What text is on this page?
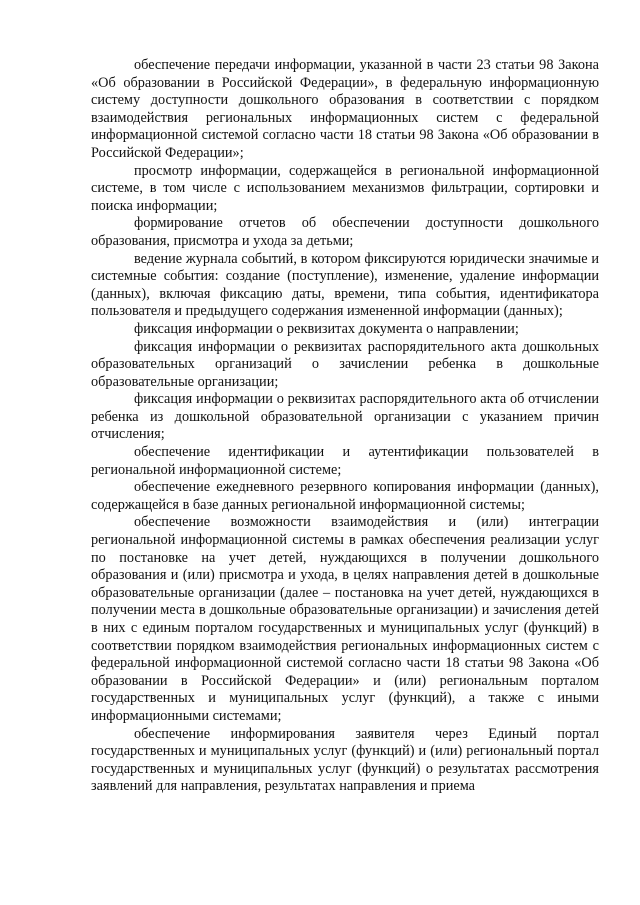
обеспечение передачи информации, указанной в части 23 статьи 98 Закона «Об образовании в Российской Федерации», в федеральную информационную систему доступности дошкольного образования в соответствии с порядком взаимодействия региональных информационных систем с федеральной информационной системой согласно части 18 статьи 98 Закона «Об образовании в Российской Федерации»;

просмотр информации, содержащейся в региональной информационной системе, в том числе с использованием механизмов фильтрации, сортировки и поиска информации;

формирование отчетов об обеспечении доступности дошкольного образования, присмотра и ухода за детьми;

ведение журнала событий, в котором фиксируются юридически значимые и системные события: создание (поступление), изменение, удаление информации (данных), включая фиксацию даты, времени, типа события, идентификатора пользователя и предыдущего содержания измененной информации (данных);

фиксация информации о реквизитах документа о направлении;

фиксация информации о реквизитах распорядительного акта дошкольных образовательных организаций о зачислении ребенка в дошкольные образовательные организации;

фиксация информации о реквизитах распорядительного акта об отчислении ребенка из дошкольной образовательной организации с указанием причин отчисления;

обеспечение идентификации и аутентификации пользователей в региональной информационной системе;

обеспечение ежедневного резервного копирования информации (данных), содержащейся в базе данных региональной информационной системы;

обеспечение возможности взаимодействия и (или) интеграции региональной информационной системы в рамках обеспечения реализации услуг по постановке на учет детей, нуждающихся в получении дошкольного образования и (или) присмотра и ухода, в целях направления детей в дошкольные образовательные организации (далее – постановка на учет детей, нуждающихся в получении места в дошкольные образовательные организации) и зачисления детей в них с единым порталом государственных и муниципальных услуг (функций) в соответствии порядком взаимодействия региональных информационных систем с федеральной информационной системой согласно части 18 статьи 98 Закона «Об образовании в Российской Федерации» и (или) региональным порталом государственных и муниципальных услуг (функций), а также с иными информационными системами;

обеспечение информирования заявителя через Единый портал государственных и муниципальных услуг (функций) и (или) региональный портал государственных и муниципальных услуг (функций) о результатах рассмотрения заявлений для направления, результатах направления и приема
